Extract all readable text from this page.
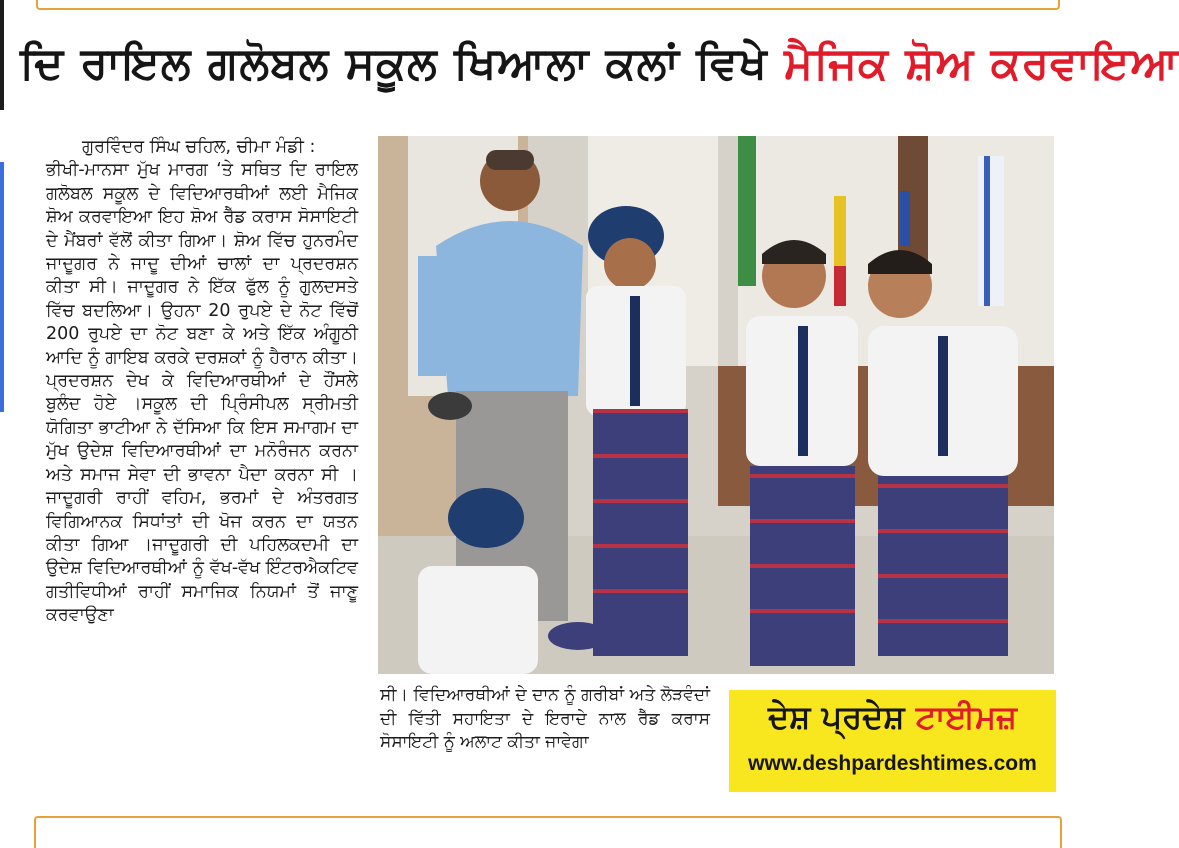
ਦਿ ਰਾਇਲ ਗਲੋਬਲ ਸਕੂਲ ਖਿਆਲਾ ਕਲਾਂ ਵਿਖੇ ਮੈਜਿਕ ਸ਼ੋਅ ਕਰਵਾਇਆ

ਗੁਰਵਿੰਦਰ ਸਿੰਘ ਚਹਿਲ, ਚੀਮਾ ਮੰਡੀ :

ਭੀਖੀ-ਮਾਨਸਾ ਮੁੱਖ ਮਾਰਗ ‘ਤੇ ਸਥਿਤ ਦਿ ਰਾਇਲ ਗਲੋਬਲ ਸਕੂਲ ਦੇ ਵਿਦਿਆਰਥੀਆਂ ਲਈ ਮੈਜਿਕ ਸ਼ੋਅ ਕਰਵਾਇਆ ਇਹ ਸ਼ੋਅ ਰੈੱਡ ਕਰਾਸ ਸੋਸਾਇਟੀ ਦੇ ਮੈਂਬਰਾਂ ਵੱਲੋਂ ਕੀਤਾ ਗਿਆ। ਸ਼ੋਅ ਵਿੱਚ ਹੁਨਰਮੰਦ ਜਾਦੂਗਰ ਨੇ ਜਾਦੂ ਦੀਆਂ ਚਾਲਾਂ ਦਾ ਪ੍ਰਦਰਸ਼ਨ ਕੀਤਾ ਸੀ। ਜਾਦੂਗਰ ਨੇ ਇੱਕ ਫੁੱਲ ਨੂੰ ਗੁਲਦਸਤੇ ਵਿੱਚ ਬਦਲਿਆ। ਉਹਨਾ 20 ਰੁਪਏ ਦੇ ਨੋਟ ਵਿੱਚੋਂ 200 ਰੁਪਏ ਦਾ ਨੋਟ ਬਣਾ ਕੇ ਅਤੇ ਇੱਕ ਅੰਗੂਠੀ ਆਦਿ ਨੂੰ ਗਾਇਬ ਕਰਕੇ ਦਰਸ਼ਕਾਂ ਨੂੰ ਹੈਰਾਨ ਕੀਤਾ। ਪ੍ਰਦਰਸ਼ਨ ਦੇਖ ਕੇ ਵਿਦਿਆਰਥੀਆਂ ਦੇ ਹੌਂਸਲੇ ਬੁਲੰਦ ਹੋਏ ।ਸਕੂਲ ਦੀ ਪ੍ਰਿੰਸੀਪਲ ਸ੍ਰੀਮਤੀ ਯੋਗਿਤਾ ਭਾਟੀਆ ਨੇ ਦੱਸਿਆ ਕਿ ਇਸ ਸਮਾਗਮ ਦਾ ਮੁੱਖ ਉਦੇਸ਼ ਵਿਦਿਆਰਥੀਆਂ ਦਾ ਮਨੋਰੰਜਨ ਕਰਨਾ ਅਤੇ ਸਮਾਜ ਸੇਵਾ ਦੀ ਭਾਵਨਾ ਪੈਦਾ ਕਰਨਾ ਸੀ ।ਜਾਦੂਗਰੀ ਰਾਹੀਂ ਵਹਿਮ, ਭਰਮਾਂ ਦੇ ਅੰਤਰਗਤ ਵਿਗਿਆਨਕ ਸਿਧਾਂਤਾਂ ਦੀ ਖੋਜ ਕਰਨ ਦਾ ਯਤਨ ਕੀਤਾ ਗਿਆ ।ਜਾਦੂਗਰੀ ਦੀ ਪਹਿਲਕਦਮੀ ਦਾ ਉਦੇਸ਼ ਵਿਦਿਆਰਥੀਆਂ ਨੂੰ ਵੱਖ-ਵੱਖ ਇੰਟਰਐਕਟਿਵ ਗਤੀਵਿਧੀਆਂ ਰਾਹੀਂ ਸਮਾਜਿਕ ਨਿਯਮਾਂ ਤੋਂ ਜਾਣੂ ਕਰਵਾਉਣਾ

ਸੀ। ਵਿਦਿਆਰਥੀਆਂ ਦੇ ਦਾਨ ਨੂੰ ਗਰੀਬਾਂ ਅਤੇ ਲੋੜਵੰਦਾਂ ਦੀ ਵਿੱਤੀ ਸਹਾਇਤਾ ਦੇ ਇਰਾਦੇ ਨਾਲ ਰੈੱਡ ਕਰਾਸ ਸੋਸਾਇਟੀ ਨੂੰ ਅਲਾਟ ਕੀਤਾ ਜਾਵੇਗਾ

ਦੇਸ਼ ਪ੍ਰਦੇਸ਼ ਟਾਈਮਜ਼
www.deshpardeshtimes.com
